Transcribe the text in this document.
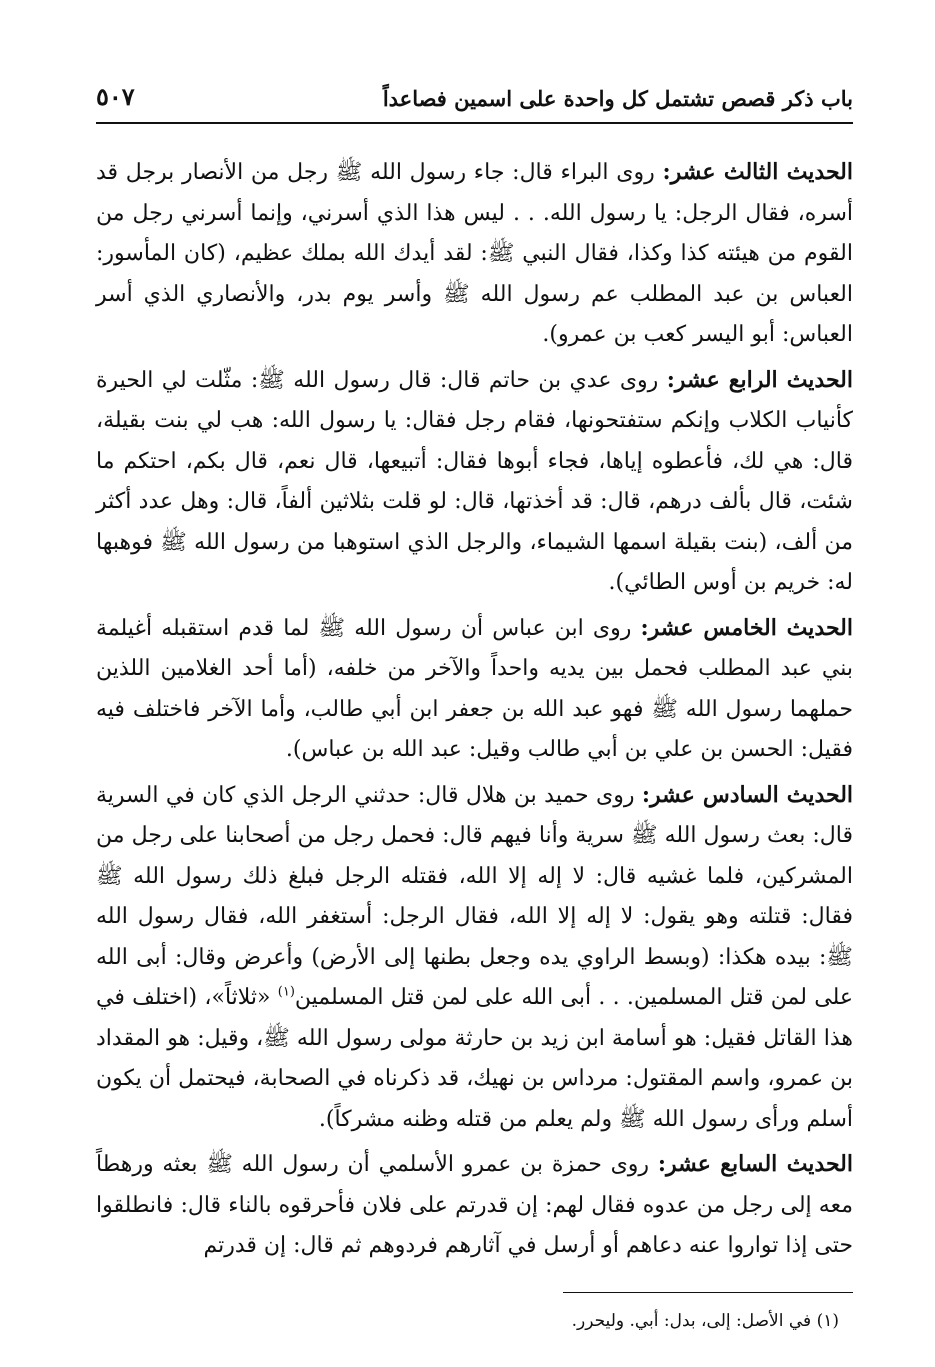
باب ذكر قصص تشتمل كل واحدة على اسمين فصاعداً
٥٠٧

الحديث الثالث عشر: روى البراء قال: جاء رسول الله ﷺ رجل من الأنصار برجل قد أسره، فقال الرجل: يا رسول الله. . . ليس هذا الذي أسرني، وإنما أسرني رجل من القوم من هيئته كذا وكذا، فقال النبي ﷺ: لقد أيدك الله بملك عظيم، (كان المأسور: العباس بن عبد المطلب عم رسول الله ﷺ وأسر يوم بدر، والأنصاري الذي أسر العباس: أبو اليسر كعب بن عمرو).

الحديث الرابع عشر: روى عدي بن حاتم قال: قال رسول الله ﷺ: مثّلت لي الحيرة كأنياب الكلاب وإنكم ستفتحونها، فقام رجل فقال: يا رسول الله: هب لي بنت بقيلة، قال: هي لك، فأعطوه إياها، فجاء أبوها فقال: أتبيعها، قال نعم، قال بكم، احتكم ما شئت، قال بألف درهم، قال: قد أخذتها، قال: لو قلت بثلاثين ألفاً، قال: وهل عدد أكثر من ألف، (بنت بقيلة اسمها الشيماء، والرجل الذي استوهبا من رسول الله ﷺ فوهبها له: خريم بن أوس الطائي).

الحديث الخامس عشر: روى ابن عباس أن رسول الله ﷺ لما قدم استقبله أغيلمة بني عبد المطلب فحمل بين يديه واحداً والآخر من خلفه، (أما أحد الغلامين اللذين حملهما رسول الله ﷺ فهو عبد الله بن جعفر ابن أبي طالب، وأما الآخر فاختلف فيه فقيل: الحسن بن علي بن أبي طالب وقيل: عبد الله بن عباس).

الحديث السادس عشر: روى حميد بن هلال قال: حدثني الرجل الذي كان في السرية قال: بعث رسول الله ﷺ سرية وأنا فيهم قال: فحمل رجل من أصحابنا على رجل من المشركين، فلما غشيه قال: لا إله إلا الله، فقتله الرجل فبلغ ذلك رسول الله ﷺ فقال: قتلته وهو يقول: لا إله إلا الله، فقال الرجل: أستغفر الله، فقال رسول الله ﷺ: بيده هكذا: (وبسط الراوي يده وجعل بطنها إلى الأرض) وأعرض وقال: أبى الله على لمن قتل المسلمين. . . أبى الله على لمن قتل المسلمين$^{(١)}$ «ثلاثاً»، (اختلف في هذا القاتل فقيل: هو أسامة ابن زيد بن حارثة مولى رسول الله ﷺ، وقيل: هو المقداد بن عمرو، واسم المقتول: مرداس بن نهيك، قد ذكرناه في الصحابة، فيحتمل أن يكون أسلم ورأى رسول الله ﷺ ولم يعلم من قتله وظنه مشركاً).

الحديث السابع عشر: روى حمزة بن عمرو الأسلمي أن رسول الله ﷺ بعثه ورهطاً معه إلى رجل من عدوه فقال لهم: إن قدرتم على فلان فأحرقوه بالناء قال: فانطلقوا حتى إذا تواروا عنه دعاهم أو أرسل في آثارهم فردوهم ثم قال: إن قدرتم

(١) في الأصل: إلى، بدل: أبي. وليحرر.
